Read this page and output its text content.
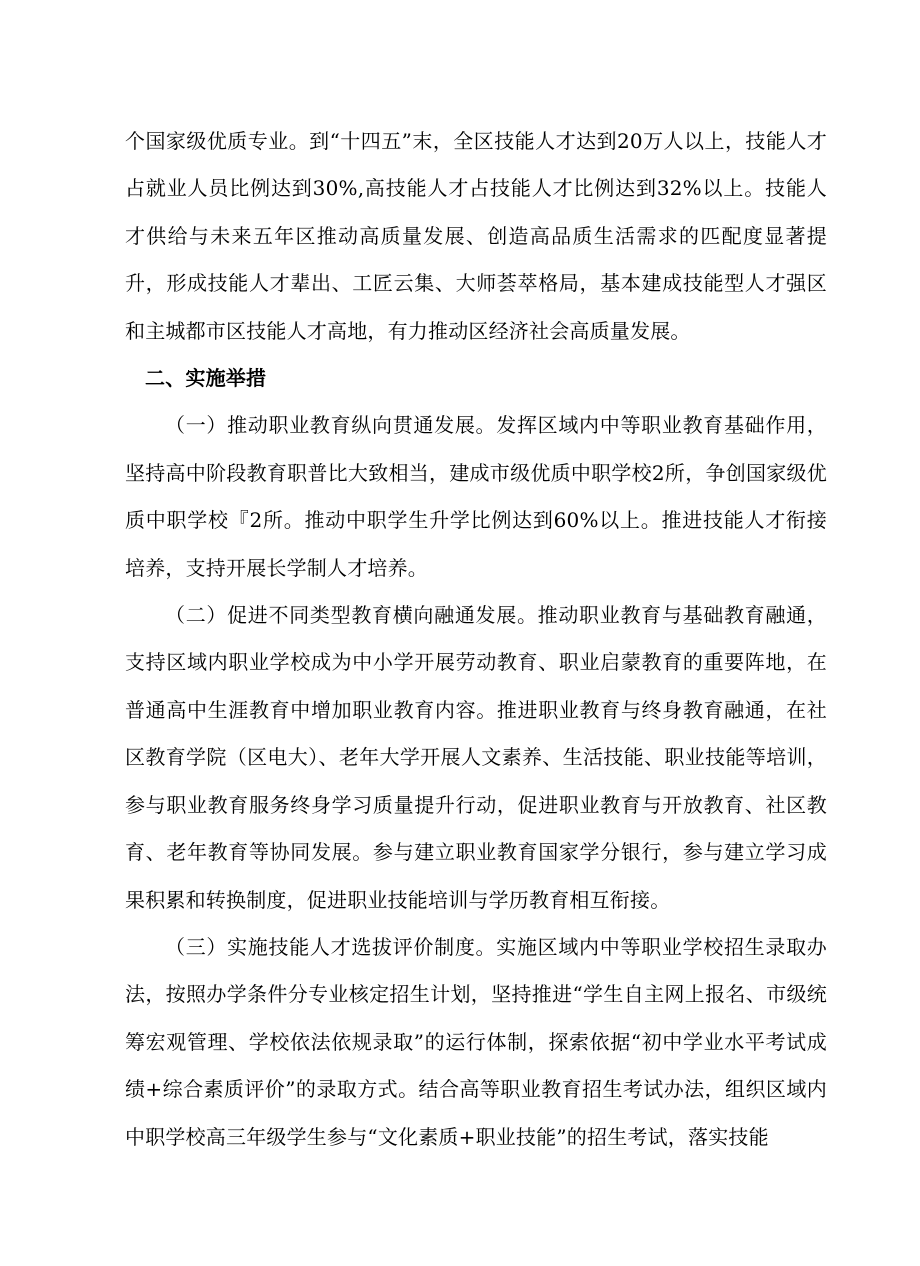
个国家级优质专业。到“十四五”末，全区技能人才达到20万人以上，技能人才占就业人员比例达到30%,高技能人才占技能人才比例达到32%以上。技能人才供给与未来五年区推动高质量发展、创造高品质生活需求的匹配度显著提升，形成技能人才辈出、工匠云集、大师荟萃格局，基本建成技能型人才强区和主城都市区技能人才高地，有力推动区经济社会高质量发展。

二、实施举措

（一）推动职业教育纵向贯通发展。发挥区域内中等职业教育基础作用，坚持高中阶段教育职普比大致相当，建成市级优质中职学校2所，争创国家级优质中职学校『2所。推动中职学生升学比例达到60%以上。推进技能人才衔接培养，支持开展长学制人才培养。

（二）促进不同类型教育横向融通发展。推动职业教育与基础教育融通，支持区域内职业学校成为中小学开展劳动教育、职业启蒙教育的重要阵地，在普通高中生涯教育中增加职业教育内容。推进职业教育与终身教育融通，在社区教育学院（区电大）、老年大学开展人文素养、生活技能、职业技能等培训，参与职业教育服务终身学习质量提升行动，促进职业教育与开放教育、社区教育、老年教育等协同发展。参与建立职业教育国家学分银行，参与建立学习成果积累和转换制度，促进职业技能培训与学历教育相互衔接。

（三）实施技能人才选拔评价制度。实施区域内中等职业学校招生录取办法，按照办学条件分专业核定招生计划，坚持推进“学生自主网上报名、市级统筹宏观管理、学校依法依规录取”的运行体制，探索依据“初中学业水平考试成绩+综合素质评价”的录取方式。结合高等职业教育招生考试办法，组织区域内中职学校高三年级学生参与“文化素质+职业技能”的招生考试，落实技能
